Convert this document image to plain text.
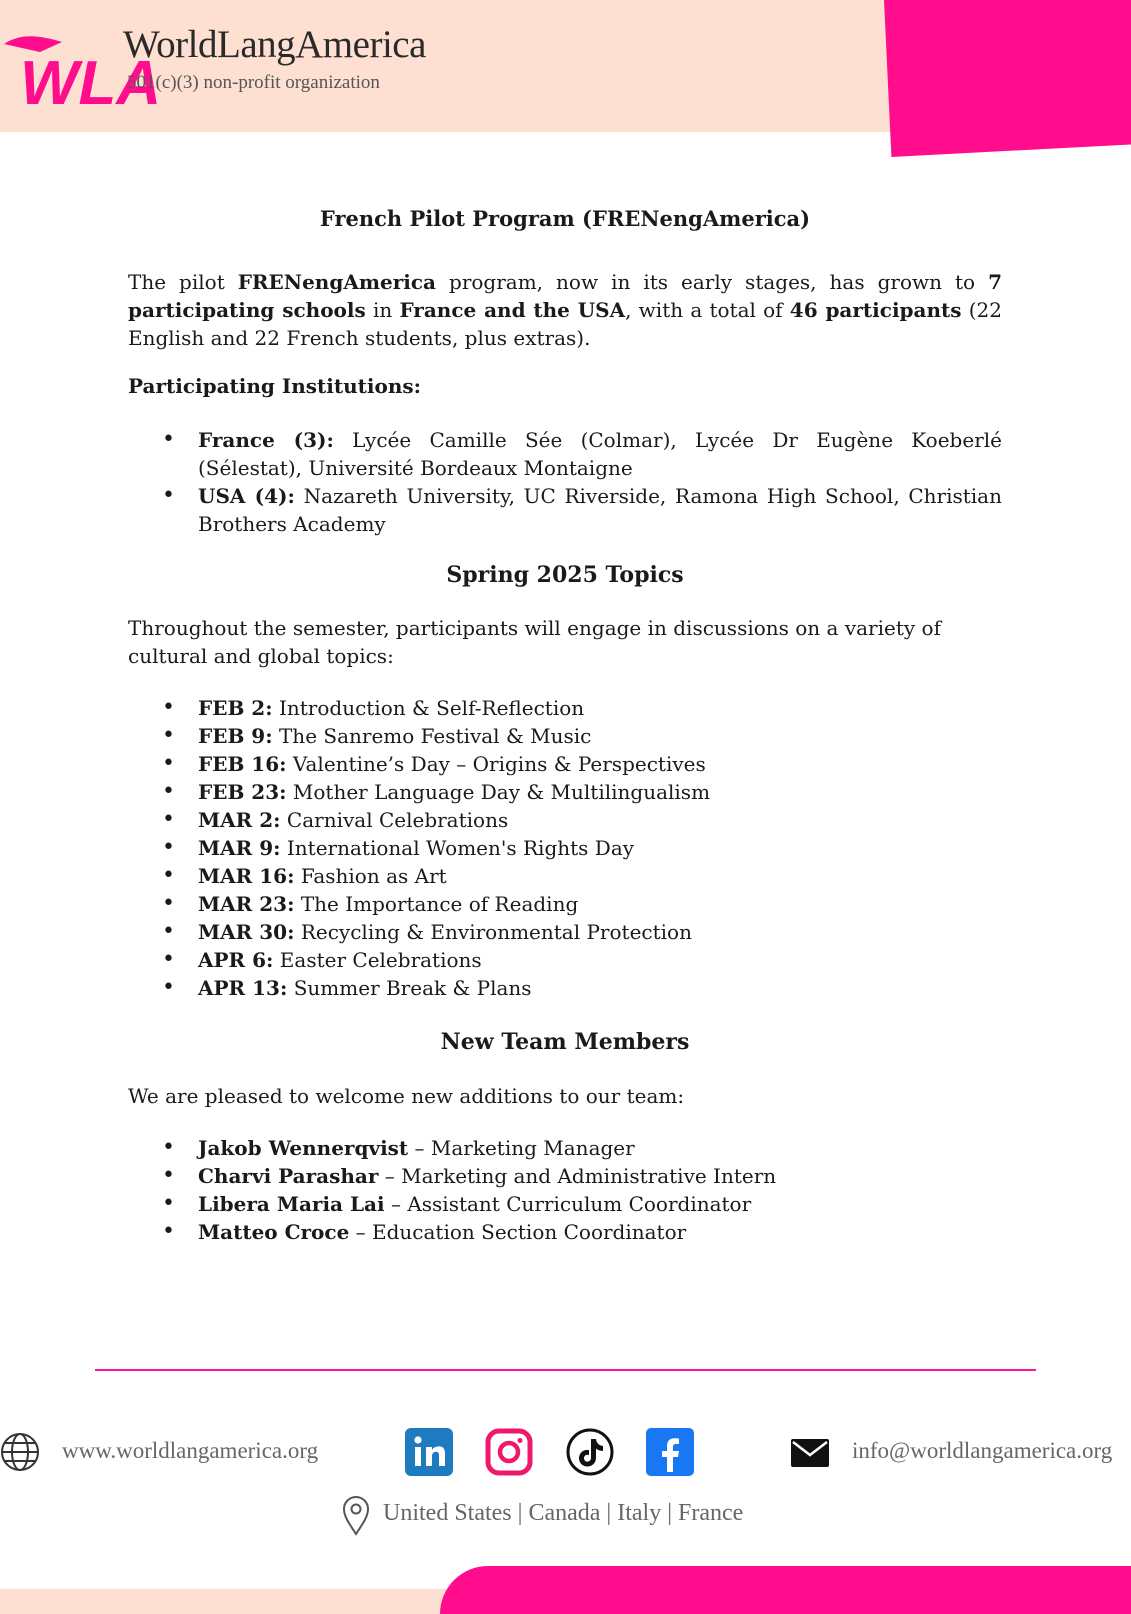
WLA
WorldLangAmerica
501(c)(3) non-profit organization
French Pilot Program (FRENengAmerica)
The pilot FRENengAmerica program, now in its early stages, has grown to 7 participating schools in France and the USA, with a total of 46 participants (22 English and 22 French students, plus extras).
Participating Institutions:
• France (3): Lycée Camille Sée (Colmar), Lycée Dr Eugène Koeberlé (Sélestat), Université Bordeaux Montaigne
• USA (4): Nazareth University, UC Riverside, Ramona High School, Christian Brothers Academy
Spring 2025 Topics
Throughout the semester, participants will engage in discussions on a variety of cultural and global topics:
• FEB 2: Introduction & Self-Reflection
• FEB 9: The Sanremo Festival & Music
• FEB 16: Valentine’s Day – Origins & Perspectives
• FEB 23: Mother Language Day & Multilingualism
• MAR 2: Carnival Celebrations
• MAR 9: International Women's Rights Day
• MAR 16: Fashion as Art
• MAR 23: The Importance of Reading
• MAR 30: Recycling & Environmental Protection
• APR 6: Easter Celebrations
• APR 13: Summer Break & Plans
New Team Members
We are pleased to welcome new additions to our team:
• Jakob Wennerqvist – Marketing Manager
• Charvi Parashar – Marketing and Administrative Intern
• Libera Maria Lai – Assistant Curriculum Coordinator
• Matteo Croce – Education Section Coordinator
www.worldlangamerica.org	info@worldlangamerica.org
United States | Canada | Italy | France
